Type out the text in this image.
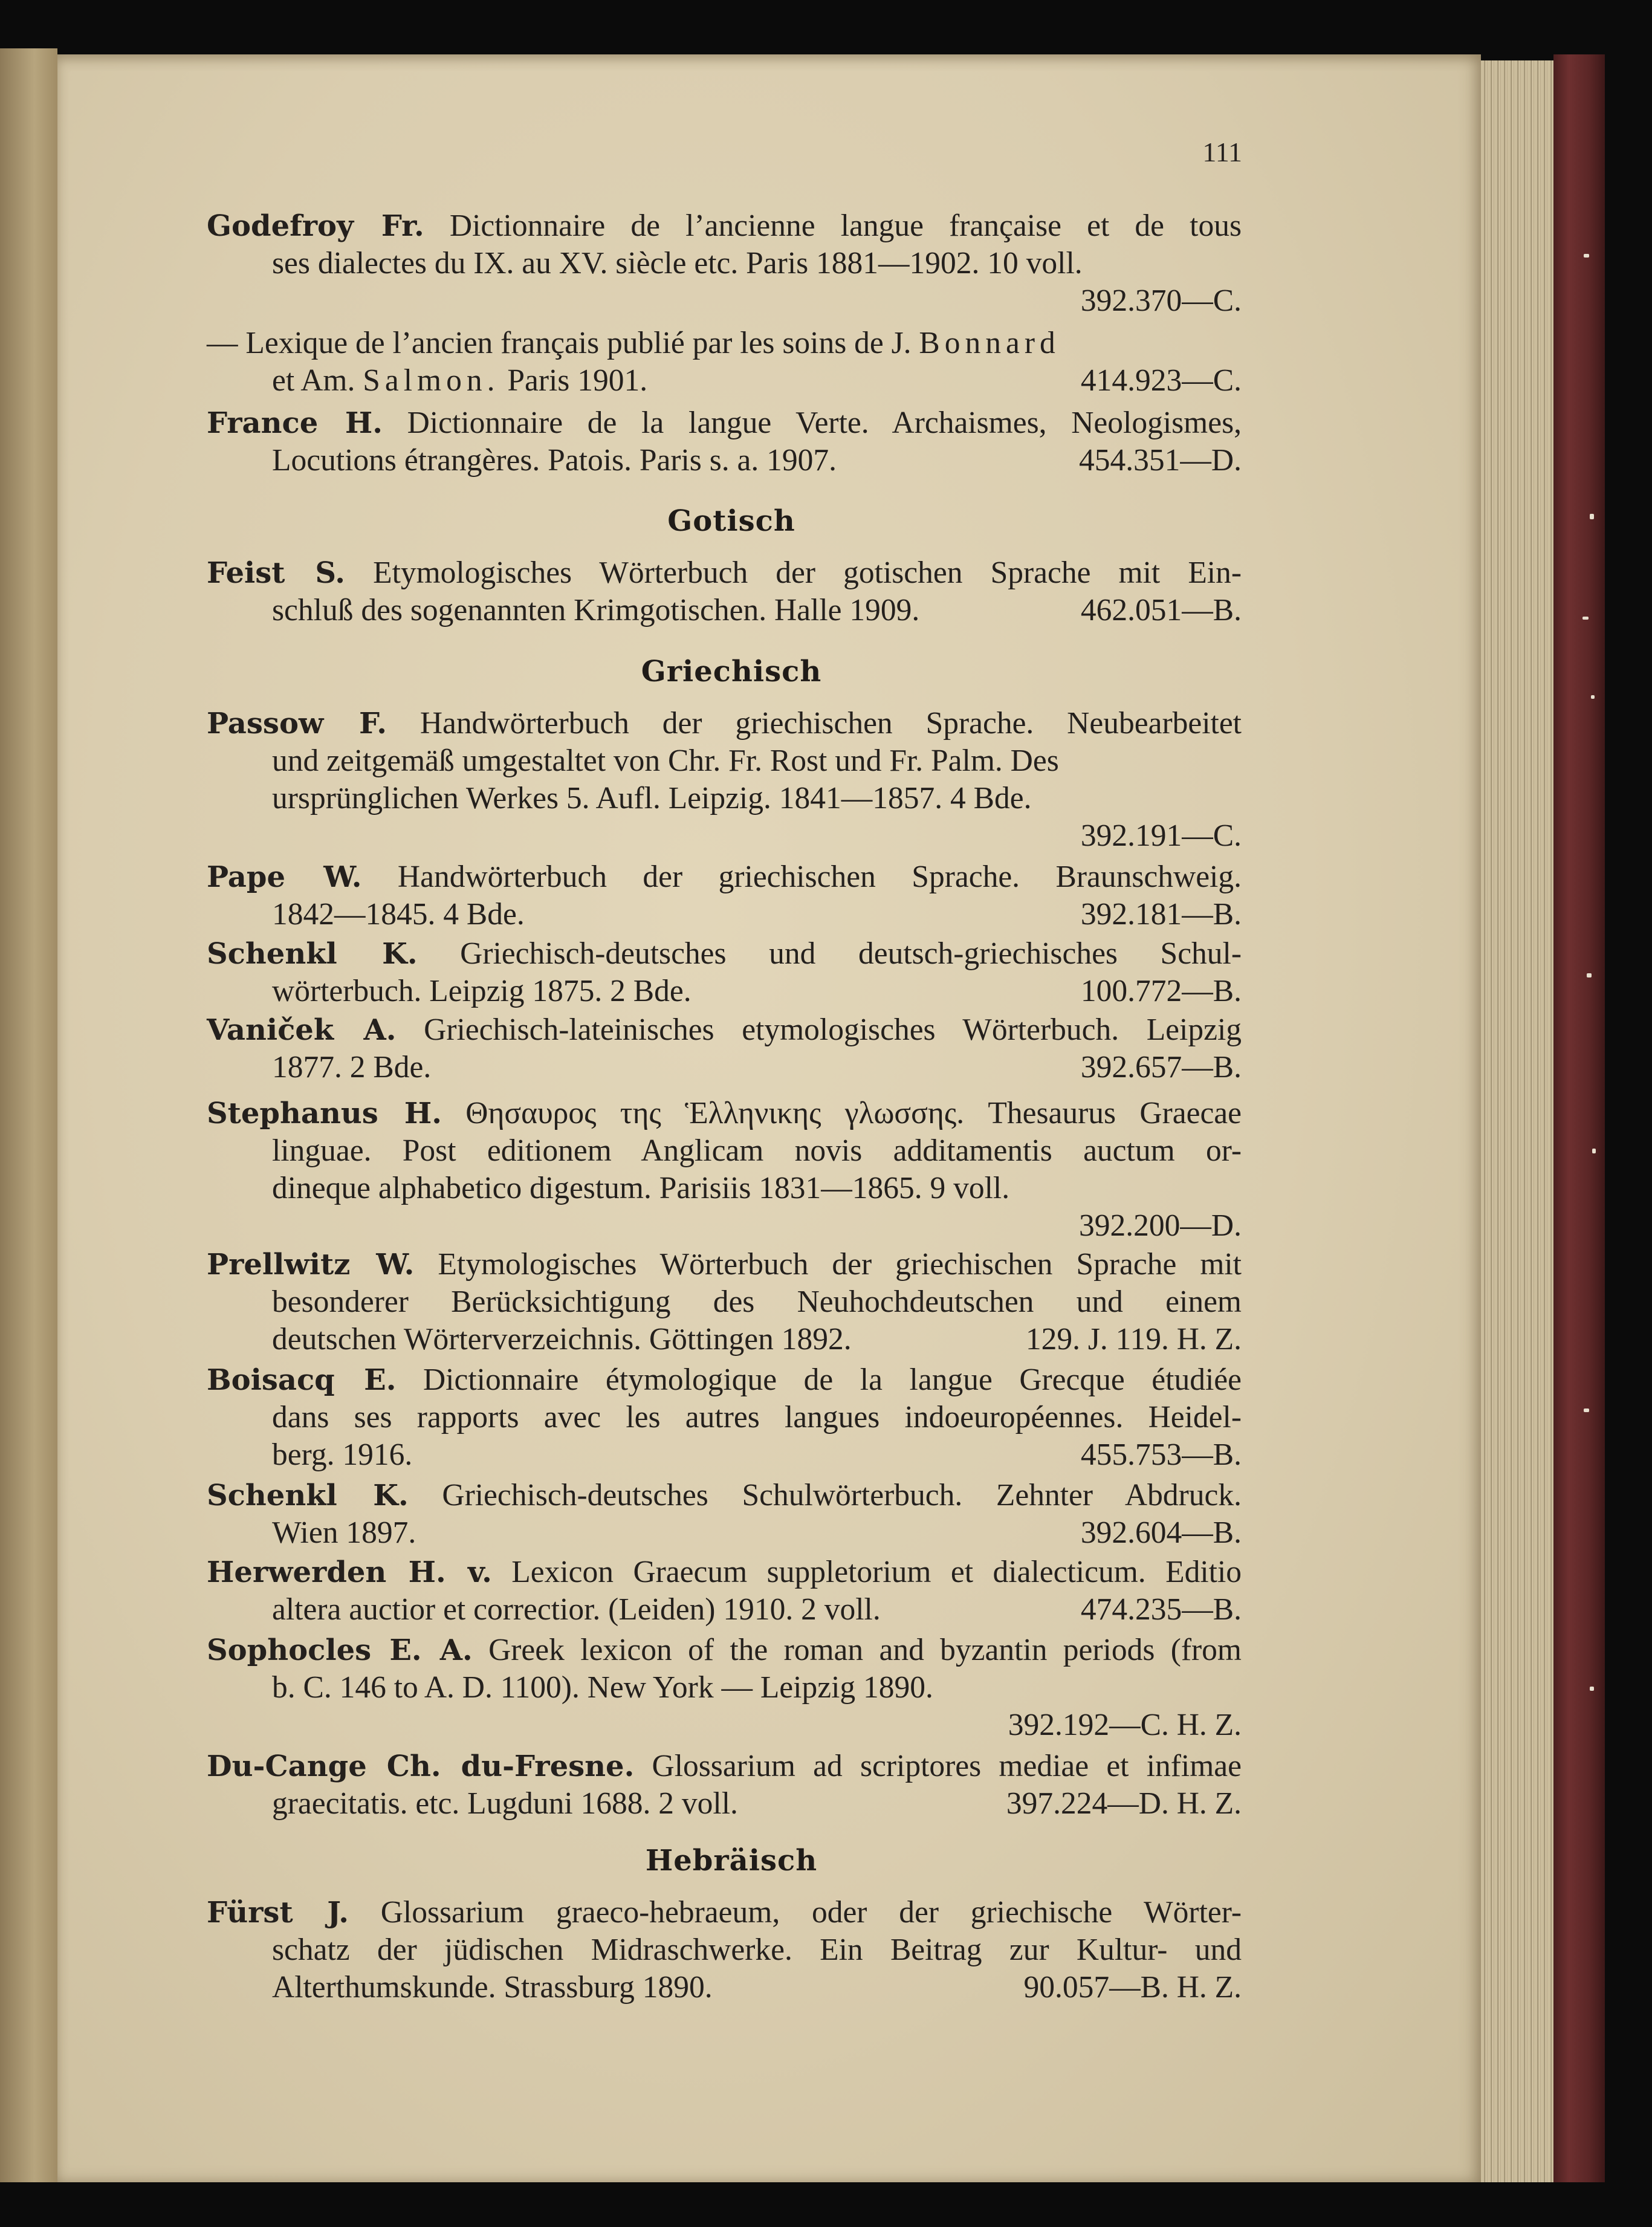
111
Godefroy Fr. Dictionnaire de l’ancienne langue française et de tous
ses dialectes du IX. au XV. siècle etc. Paris 1881—1902. 10 voll.
392.370—C.
— Lexique de l’ancien français publié par les soins de J. Bonnard
et Am. Salmon. Paris 1901.	414.923—C.
France H. Dictionnaire de la langue Verte. Archaismes, Neologismes,
Locutions étrangères. Patois. Paris s. a. 1907.	454.351—D.
Gotisch
Feist S. Etymologisches Wörterbuch der gotischen Sprache mit Ein-
schluß des sogenannten Krimgotischen. Halle 1909.	462.051—B.
Griechisch
Passow F. Handwörterbuch der griechischen Sprache. Neubearbeitet
und zeitgemäß umgestaltet von Chr. Fr. Rost und Fr. Palm. Des
ursprünglichen Werkes 5. Aufl. Leipzig. 1841—1857. 4 Bde.
392.191—C.
Pape W. Handwörterbuch der griechischen Sprache. Braunschweig.
1842—1845. 4 Bde.	392.181—B.
Schenkl K. Griechisch-deutsches und deutsch-griechisches Schul-
wörterbuch. Leipzig 1875. 2 Bde.	100.772—B.
Vaniček A. Griechisch-lateinisches etymologisches Wörterbuch. Leipzig
1877. 2 Bde.	392.657—B.
Stephanus H. Θησαυρος της Ἑλληνικης γλωσσης. Thesaurus Graecae
linguae. Post editionem Anglicam novis additamentis auctum or-
dineque alphabetico digestum. Parisiis 1831—1865. 9 voll.
392.200—D.
Prellwitz W. Etymologisches Wörterbuch der griechischen Sprache mit
besonderer Berücksichtigung des Neuhochdeutschen und einem
deutschen Wörterverzeichnis. Göttingen 1892.	129. J. 119. H. Z.
Boisacq E. Dictionnaire étymologique de la langue Grecque étudiée
dans ses rapports avec les autres langues indoeuropéennes. Heidel-
berg. 1916.	455.753—B.
Schenkl K. Griechisch-deutsches Schulwörterbuch. Zehnter Abdruck.
Wien 1897.	392.604—B.
Herwerden H. v. Lexicon Graecum suppletorium et dialecticum. Editio
altera auctior et correctior. (Leiden) 1910. 2 voll.	474.235—B.
Sophocles E. A. Greek lexicon of the roman and byzantin periods (from
b. C. 146 to A. D. 1100). New York — Leipzig 1890.
392.192—C. H. Z.
Du-Cange Ch. du-Fresne. Glossarium ad scriptores mediae et infimae
graecitatis. etc. Lugduni 1688. 2 voll.	397.224—D. H. Z.
Hebräisch
Fürst J. Glossarium graeco-hebraeum, oder der griechische Wörter-
schatz der jüdischen Midraschwerke. Ein Beitrag zur Kultur- und
Alterthumskunde. Strassburg 1890.	90.057—B. H. Z.
